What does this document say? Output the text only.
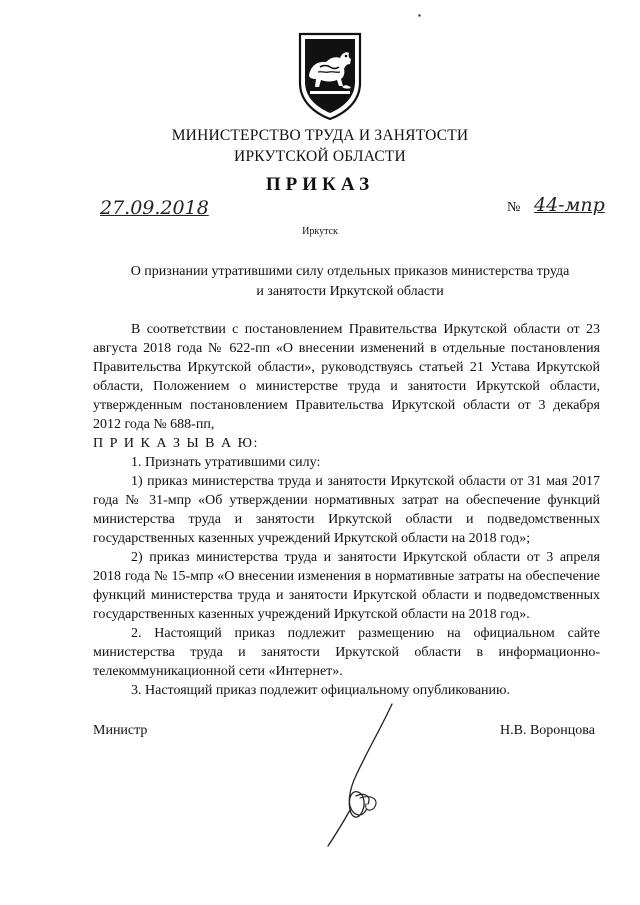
МИНИСТЕРСТВО ТРУДА И ЗАНЯТОСТИ
ИРКУТСКОЙ ОБЛАСТИ
ПРИКАЗ
27.09.2018	№ 44-мпр
Иркутск
О признании утратившими силу отдельных приказов министерства труда
и занятости Иркутской области

В соответствии с постановлением Правительства Иркутской области от 23 августа 2018 года № 622-пп «О внесении изменений в отдельные постановления Правительства Иркутской области», руководствуясь статьей 21 Устава Иркутской области, Положением о министерстве труда и занятости Иркутской области, утвержденным постановлением Правительства Иркутской области от 3 декабря 2012 года № 688-пп,

П Р И К А З Ы В А Ю:

1. Признать утратившими силу:

1) приказ министерства труда и занятости Иркутской области от 31 мая 2017 года № 31-мпр «Об утверждении нормативных затрат на обеспечение функций министерства труда и занятости Иркутской области и подведомственных государственных казенных учреждений Иркутской области на 2018 год»;

2) приказ министерства труда и занятости Иркутской области от 3 апреля 2018 года № 15-мпр «О внесении изменения в нормативные затраты на обеспечение функций министерства труда и занятости Иркутской области и подведомственных государственных казенных учреждений Иркутской области на 2018 год».

2. Настоящий приказ подлежит размещению на официальном сайте министерства труда и занятости Иркутской области в информационно-телекоммуникационной сети «Интернет».

3. Настоящий приказ подлежит официальному опубликованию.

Министр	Н.В. Воронцова
